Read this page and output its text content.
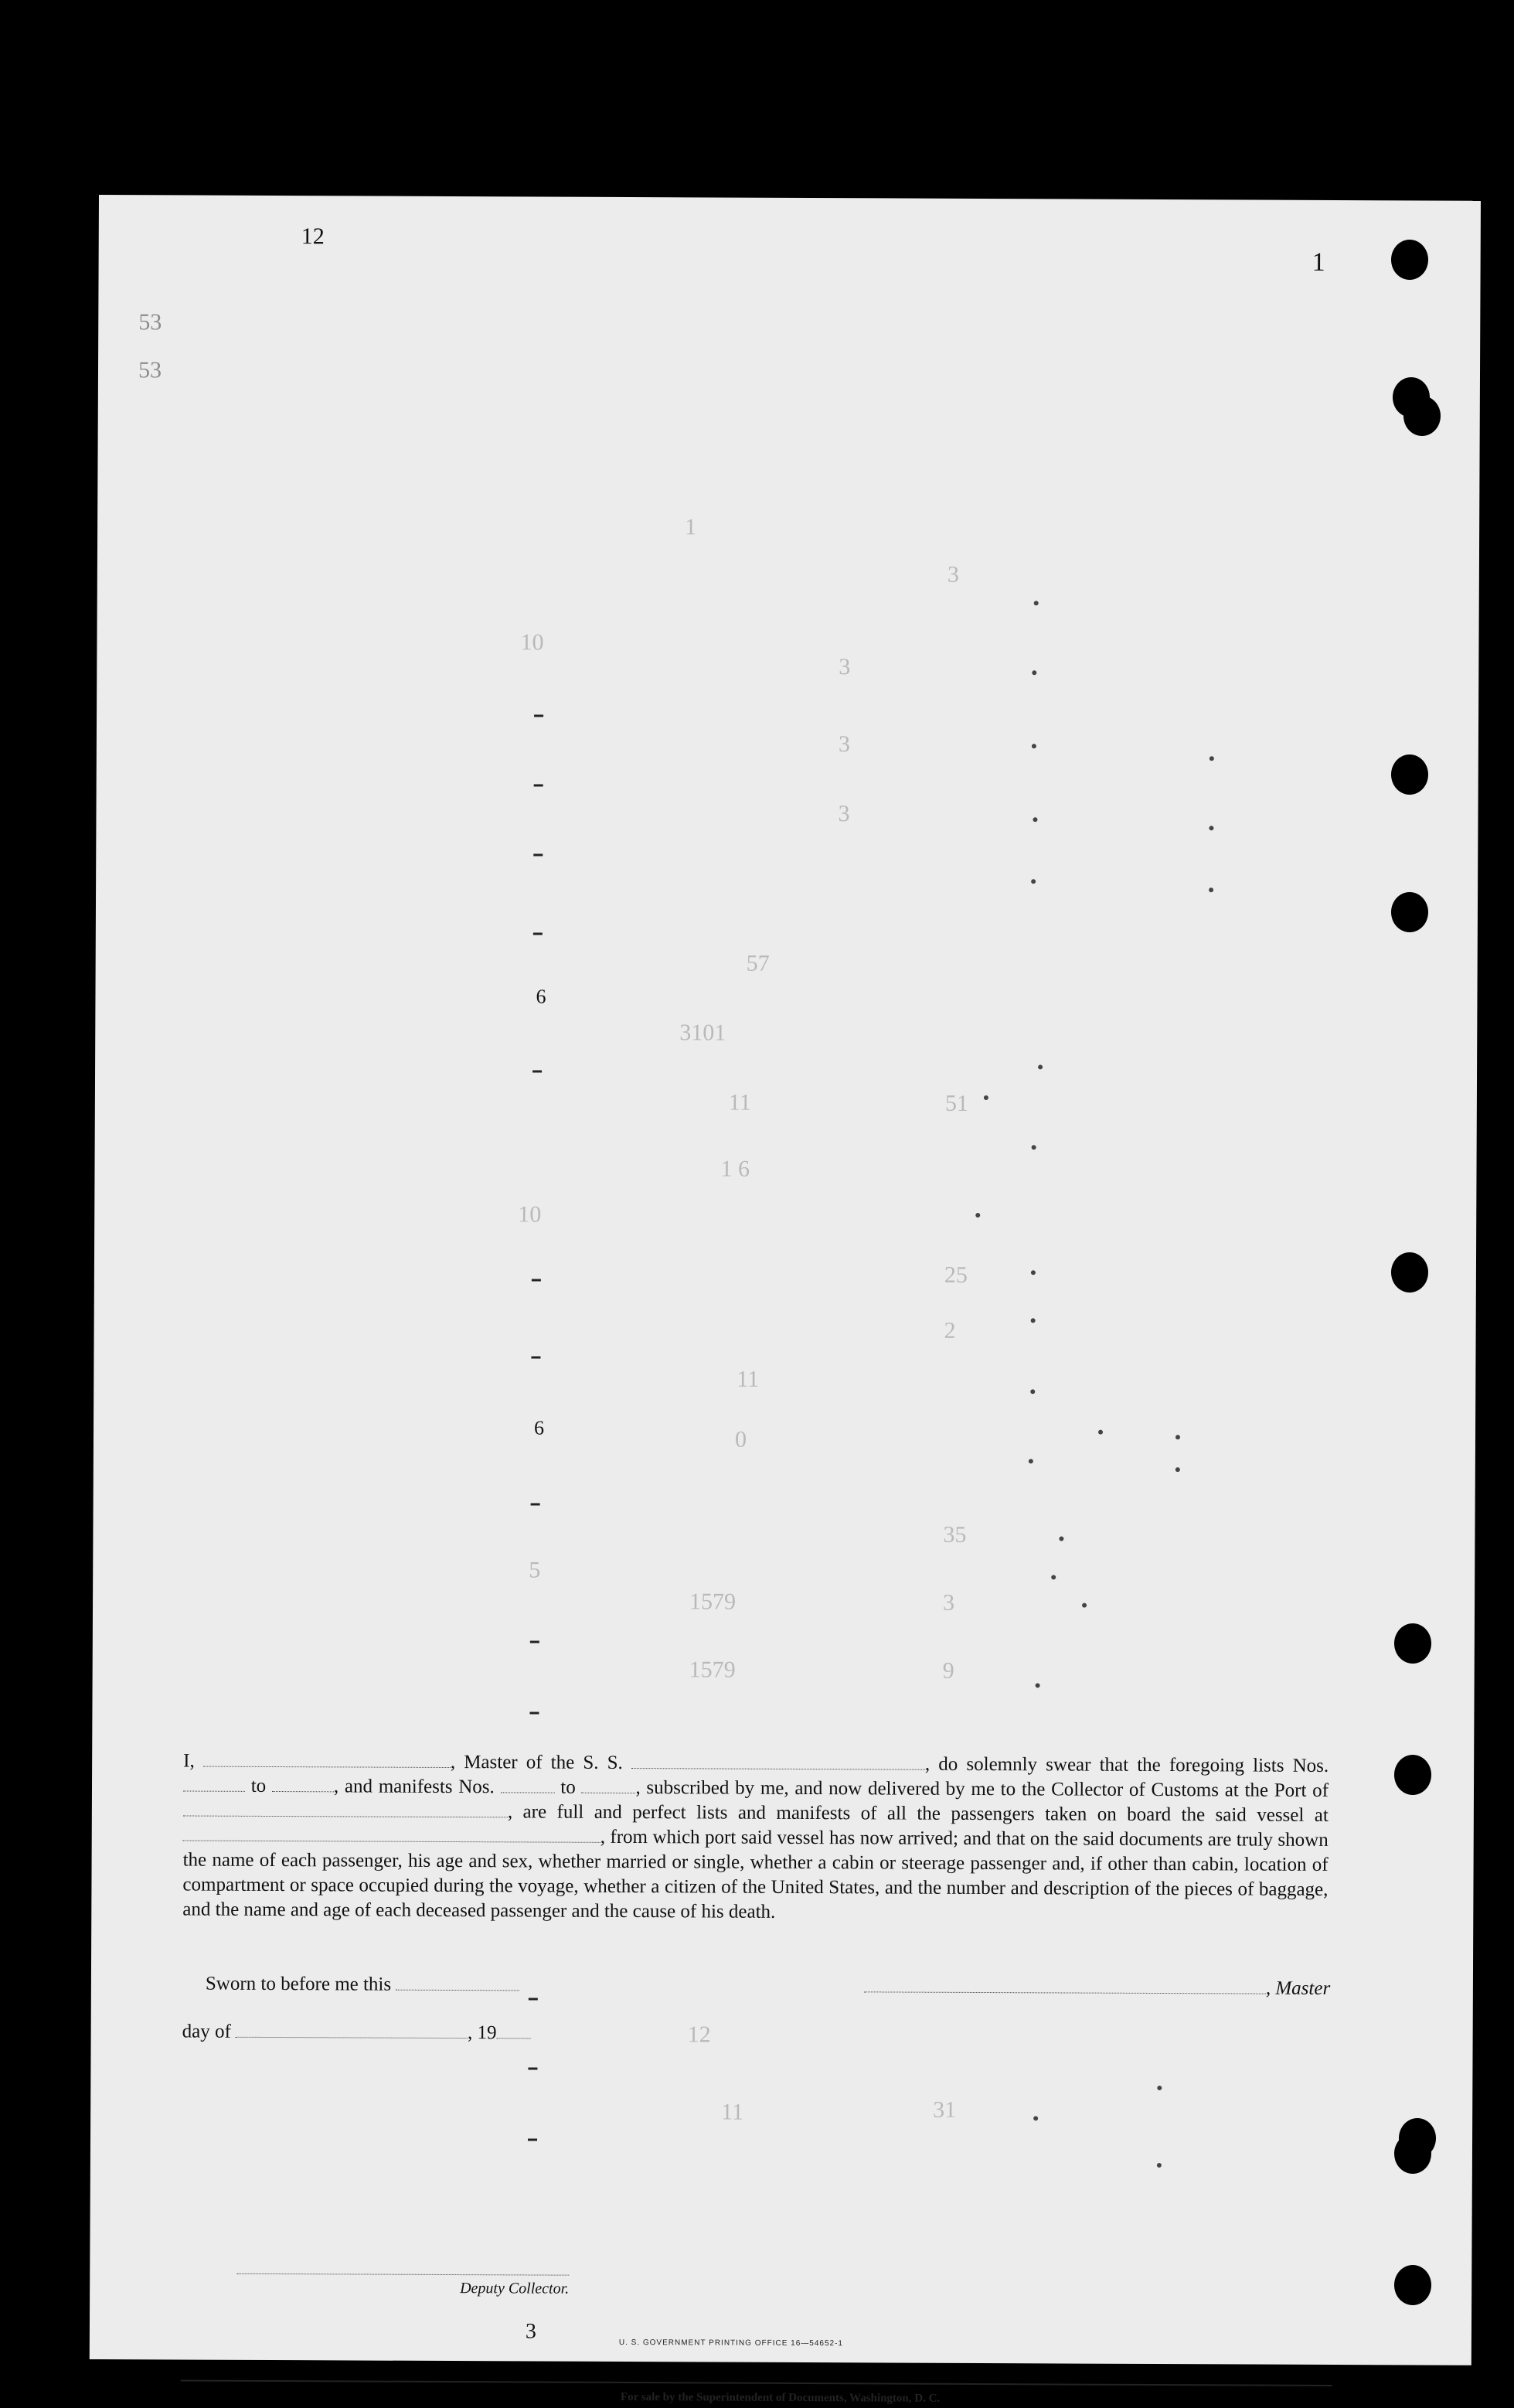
12
1
53
53
10
6
10
6
5
1
57
3101
11
1 6
11
0
1579
1579
12
11
3
3
3
3
51
25
2
35
3
9
31

I,	, Master of the S. S.	, do solemnly swear that the foregoing lists Nos.  to	, and manifests Nos.	to	, subscribed by me, and now delivered by me to the Collector of Customs at the Port of , are full and perfect lists and manifests of all the passengers taken on board the said vessel at , from which port said vessel has now arrived; and that on the said documents are truly shown the name of each passenger, his age and sex, whether married or single, whether a cabin or steerage passenger and, if other than cabin, location of compartment or space occupied during the voyage, whether a citizen of the United States, and the number and description of the pieces of baggage, and the name and age of each deceased passenger and the cause of his death.

Sworn to before me this	, Master
day of	, 19
Deputy Collector.
3	U. S. GOVERNMENT PRINTING OFFICE 16—54652-1
For sale by the Superintendent of Documents, Washington, D. C.
